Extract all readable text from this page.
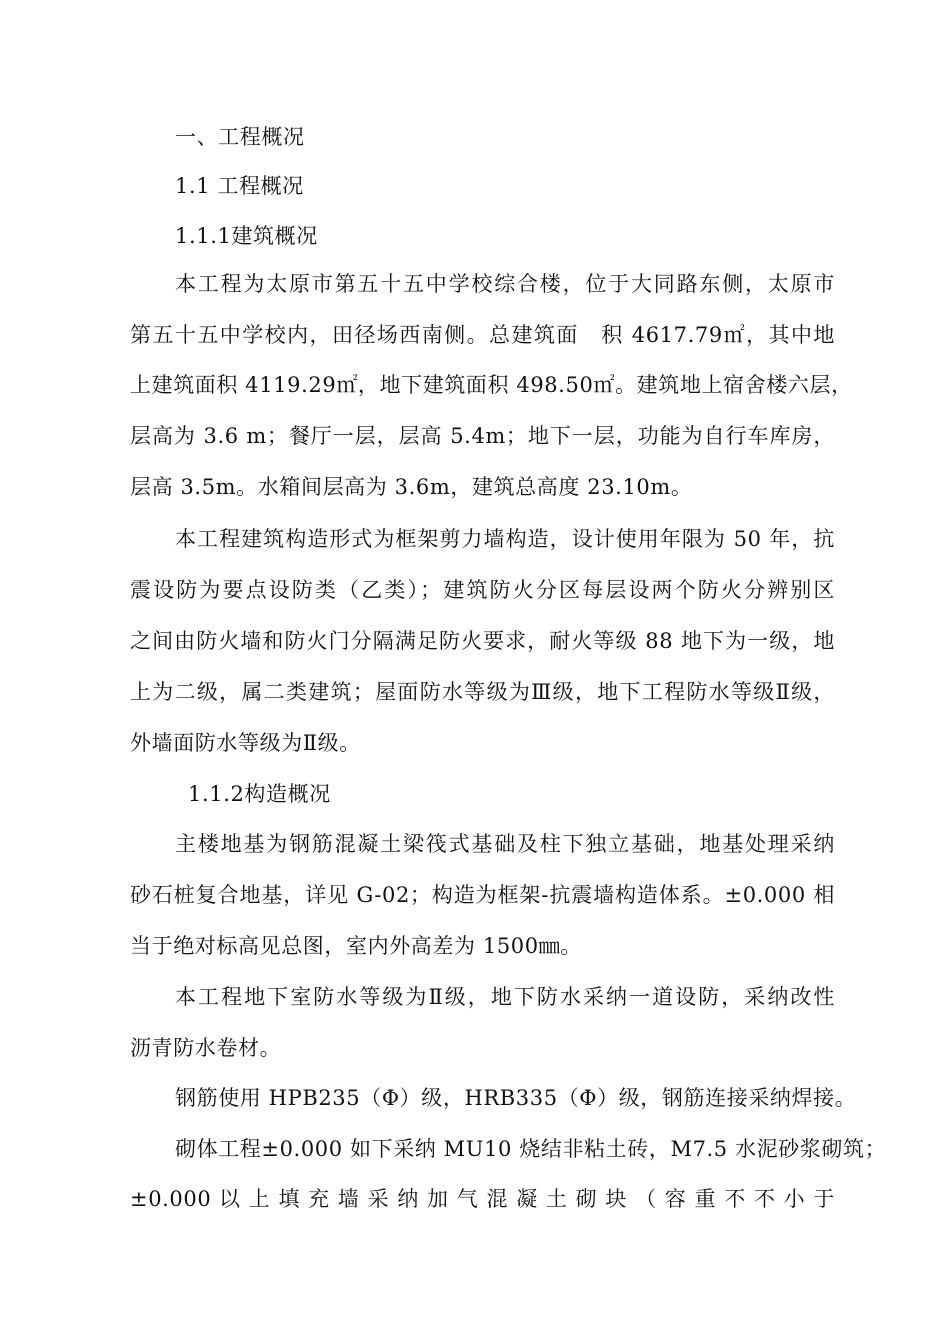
一、工程概况
1.1 工程概况
1.1.1建筑概况
本工程为太原市第五十五中学校综合楼，位于大同路东侧，太原市
第五十五中学校内，田径场西南侧。总建筑面　积 4617.79㎡，其中地
上建筑面积 4119.29㎡，地下建筑面积 498.50㎡。建筑地上宿舍楼六层，
层高为 3.6 m；餐厅一层，层高 5.4m；地下一层，功能为自行车库房，
层高 3.5m。水箱间层高为 3.6m，建筑总高度 23.10m。
本工程建筑构造形式为框架剪力墙构造，设计使用年限为 50 年，抗
震设防为要点设防类（乙类）；建筑防火分区每层设两个防火分辨别区
之间由防火墙和防火门分隔满足防火要求，耐火等级 88 地下为一级，地
上为二级，属二类建筑；屋面防水等级为Ⅲ级，地下工程防水等级Ⅱ级，
外墙面防水等级为Ⅱ级。
1.1.2构造概况
主楼地基为钢筋混凝土梁筏式基础及柱下独立基础，地基处理采纳
砂石桩复合地基，详见 G-02；构造为框架-抗震墙构造体系。±0.000 相
当于绝对标高见总图，室内外高差为 1500㎜。
本工程地下室防水等级为Ⅱ级，地下防水采纳一道设防，采纳改性
沥青防水卷材。
钢筋使用 HPB235（Φ）级，HRB335（Φ）级，钢筋连接采纳焊接。
砌体工程±0.000 如下采纳 MU10 烧结非粘土砖，M7.5 水泥砂浆砌筑；
±0.000 以 上 填 充 墙 采 纳 加 气 混 凝 土 砌 块 （ 容 重 不 不 小 于
